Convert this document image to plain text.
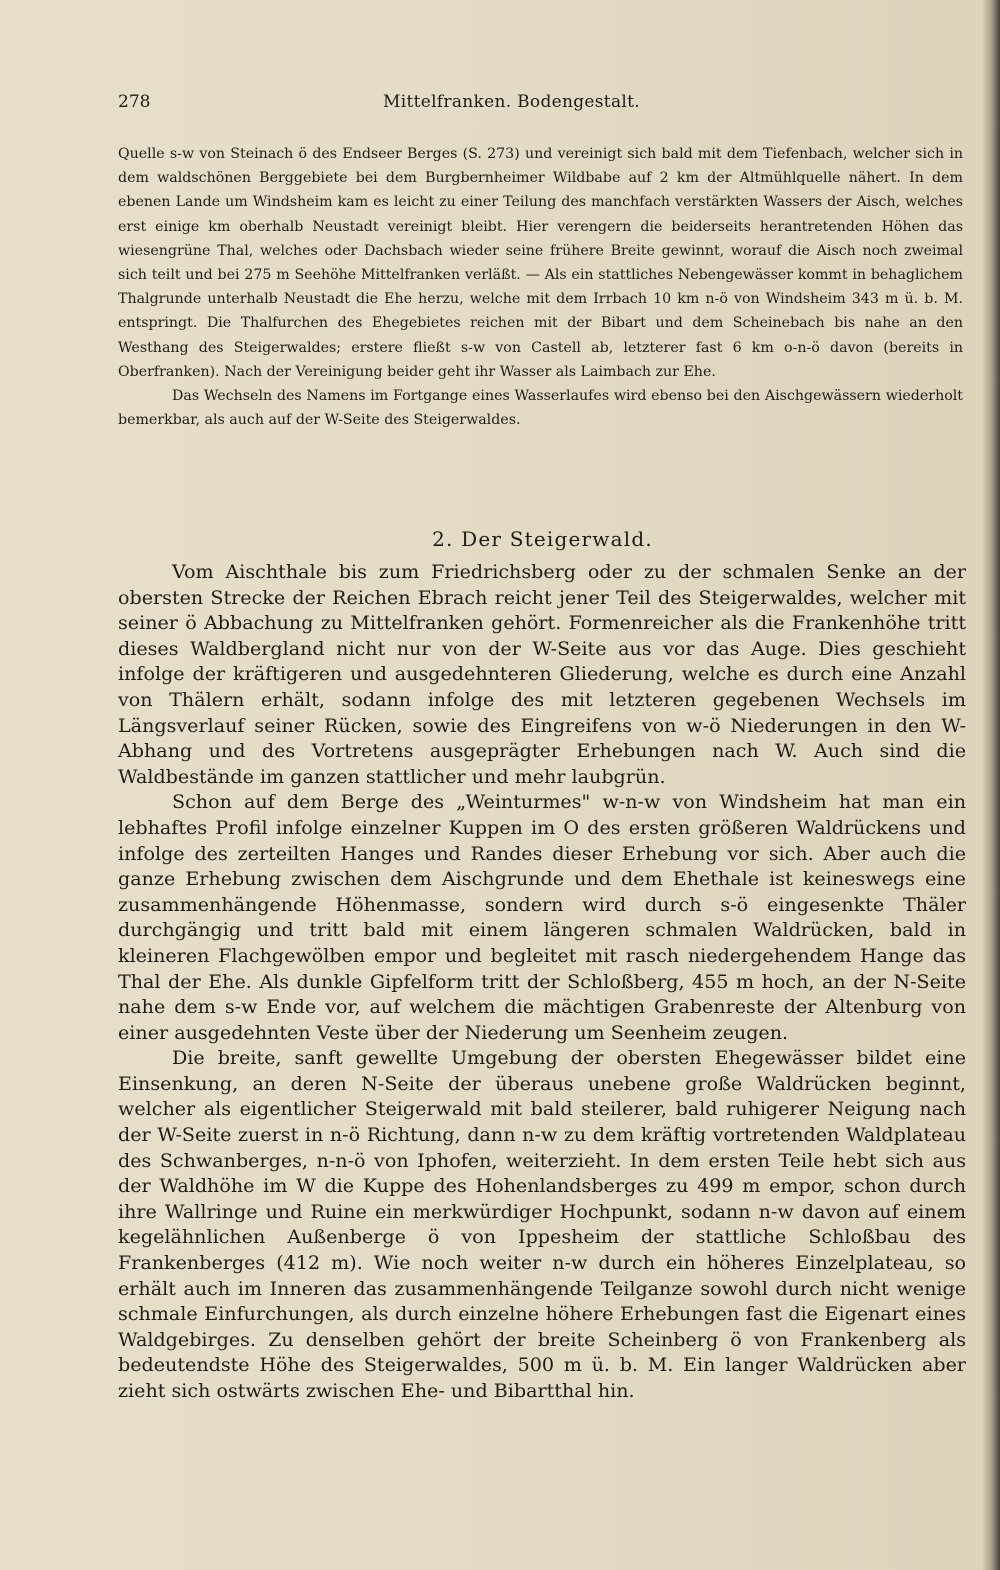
278	Mittelfranken. Bodengestalt.

Quelle s-w von Steinach ö des Endseer Berges (S. 273) und vereinigt sich bald mit dem Tiefenbach, welcher sich in dem waldschönen Berggebiete bei dem Burgbernheimer Wildbabe auf 2 km der Altmühlquelle nähert. In dem ebenen Lande um Windsheim kam es leicht zu einer Teilung des manchfach verstärkten Wassers der Aisch, welches erst einige km oberhalb Neustadt vereinigt bleibt. Hier verengern die beiderseits herantretenden Höhen das wiesengrüne Thal, welches oder Dachsbach wieder seine frühere Breite gewinnt, worauf die Aisch noch zweimal sich teilt und bei 275 m Seehöhe Mittelfranken verläßt. — Als ein stattliches Nebengewässer kommt in behaglichem Thalgrunde unterhalb Neustadt die Ehe herzu, welche mit dem Irrbach 10 km n-ö von Windsheim 343 m ü. b. M. entspringt. Die Thalfurchen des Ehegebietes reichen mit der Bibart und dem Scheinebach bis nahe an den Westhang des Steigerwaldes; erstere fließt s-w von Castell ab, letzterer fast 6 km o-n-ö davon (bereits in Oberfranken). Nach der Vereinigung beider geht ihr Wasser als Laimbach zur Ehe.

Das Wechseln des Namens im Fortgange eines Wasserlaufes wird ebenso bei den Aischgewässern wiederholt bemerkbar, als auch auf der W-Seite des Steigerwaldes.

2. Der Steigerwald.

Vom Aischthale bis zum Friedrichsberg oder zu der schmalen Senke an der obersten Strecke der Reichen Ebrach reicht jener Teil des Steigerwaldes, welcher mit seiner ö Abbachung zu Mittelfranken gehört. Formenreicher als die Frankenhöhe tritt dieses Waldbergland nicht nur von der W-Seite aus vor das Auge. Dies geschieht infolge der kräftigeren und ausgedehnteren Gliederung, welche es durch eine Anzahl von Thälern erhält, sodann infolge des mit letzteren gegebenen Wechsels im Längsverlauf seiner Rücken, sowie des Eingreifens von w-ö Niederungen in den W-Abhang und des Vortretens ausgeprägter Erhebungen nach W. Auch sind die Waldbestände im ganzen stattlicher und mehr laubgrün.

Schon auf dem Berge des „Weinturmes" w-n-w von Windsheim hat man ein lebhaftes Profil infolge einzelner Kuppen im O des ersten größeren Waldrückens und infolge des zerteilten Hanges und Randes dieser Erhebung vor sich. Aber auch die ganze Erhebung zwischen dem Aischgrunde und dem Ehethale ist keineswegs eine zusammenhängende Höhenmasse, sondern wird durch s-ö eingesenkte Thäler durchgängig und tritt bald mit einem längeren schmalen Waldrücken, bald in kleineren Flachgewölben empor und begleitet mit rasch niedergehendem Hange das Thal der Ehe. Als dunkle Gipfelform tritt der Schloßberg, 455 m hoch, an der N-Seite nahe dem s-w Ende vor, auf welchem die mächtigen Grabenreste der Altenburg von einer ausgedehnten Veste über der Niederung um Seenheim zeugen.

Die breite, sanft gewellte Umgebung der obersten Ehegewässer bildet eine Einsenkung, an deren N-Seite der überaus unebene große Waldrücken beginnt, welcher als eigentlicher Steigerwald mit bald steilerer, bald ruhigerer Neigung nach der W-Seite zuerst in n-ö Richtung, dann n-w zu dem kräftig vortretenden Waldplateau des Schwanberges, n-n-ö von Iphofen, weiterzieht. In dem ersten Teile hebt sich aus der Waldhöhe im W die Kuppe des Hohenlandsberges zu 499 m empor, schon durch ihre Wallringe und Ruine ein merkwürdiger Hochpunkt, sodann n-w davon auf einem kegelähnlichen Außenberge ö von Ippesheim der stattliche Schloßbau des Frankenberges (412 m). Wie noch weiter n-w durch ein höheres Einzelplateau, so erhält auch im Inneren das zusammenhängende Teilganze sowohl durch nicht wenige schmale Einfurchungen, als durch einzelne höhere Erhebungen fast die Eigenart eines Waldgebirges. Zu denselben gehört der breite Scheinberg ö von Frankenberg als bedeutendste Höhe des Steigerwaldes, 500 m ü. b. M. Ein langer Waldrücken aber zieht sich ostwärts zwischen Ehe- und Bibartthal hin.
